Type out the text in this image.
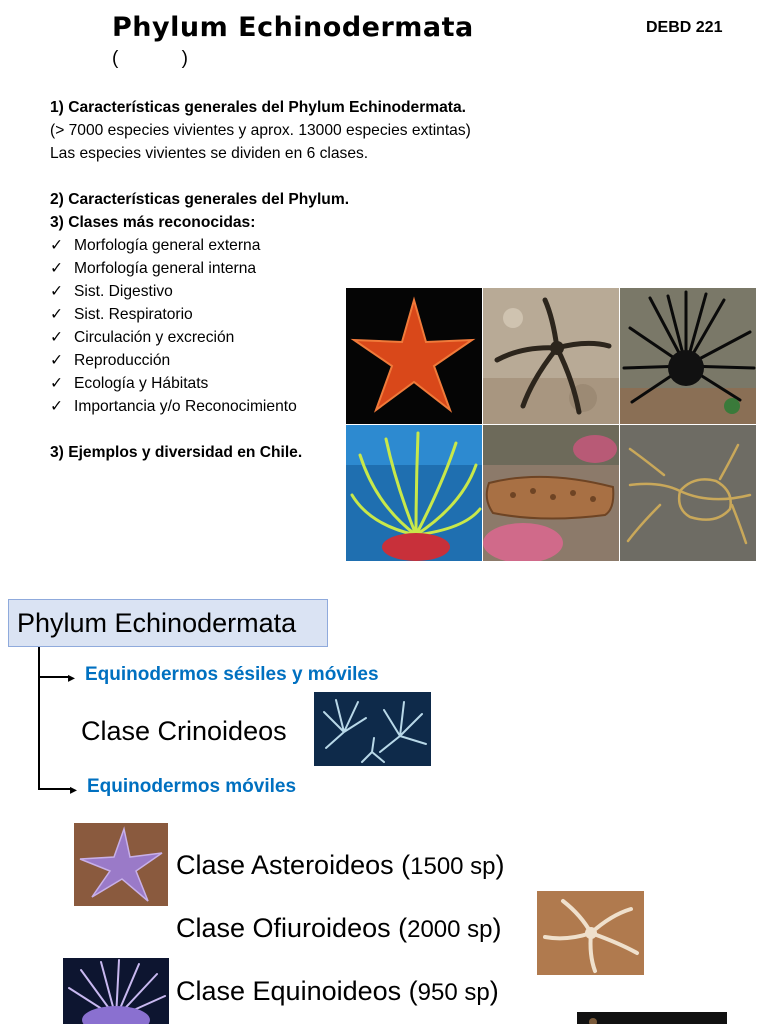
Phylum Echinodermata
(            )
DEBD 221
1) Características generales del Phylum Echinodermata.
(> 7000 especies vivientes y aprox. 13000 especies extintas)
Las especies vivientes se dividen en 6 clases.
2) Características generales del Phylum.
3) Clases más reconocidas:
✓ Morfología general externa
✓ Morfología general interna
✓ Sist. Digestivo
✓ Sist. Respiratorio
✓ Circulación y excreción
✓ Reproducción
✓ Ecología y Hábitats
✓ Importancia y/o Reconocimiento
3) Ejemplos y diversidad en Chile.
Phylum Echinodermata
▸
▸
Equinodermos sésiles y móviles
Equinodermos móviles
Clase Crinoideos
Clase Asteroideos (1500 sp)
Clase Ofiuroideos (2000 sp)
Clase Equinoideos (950 sp)
